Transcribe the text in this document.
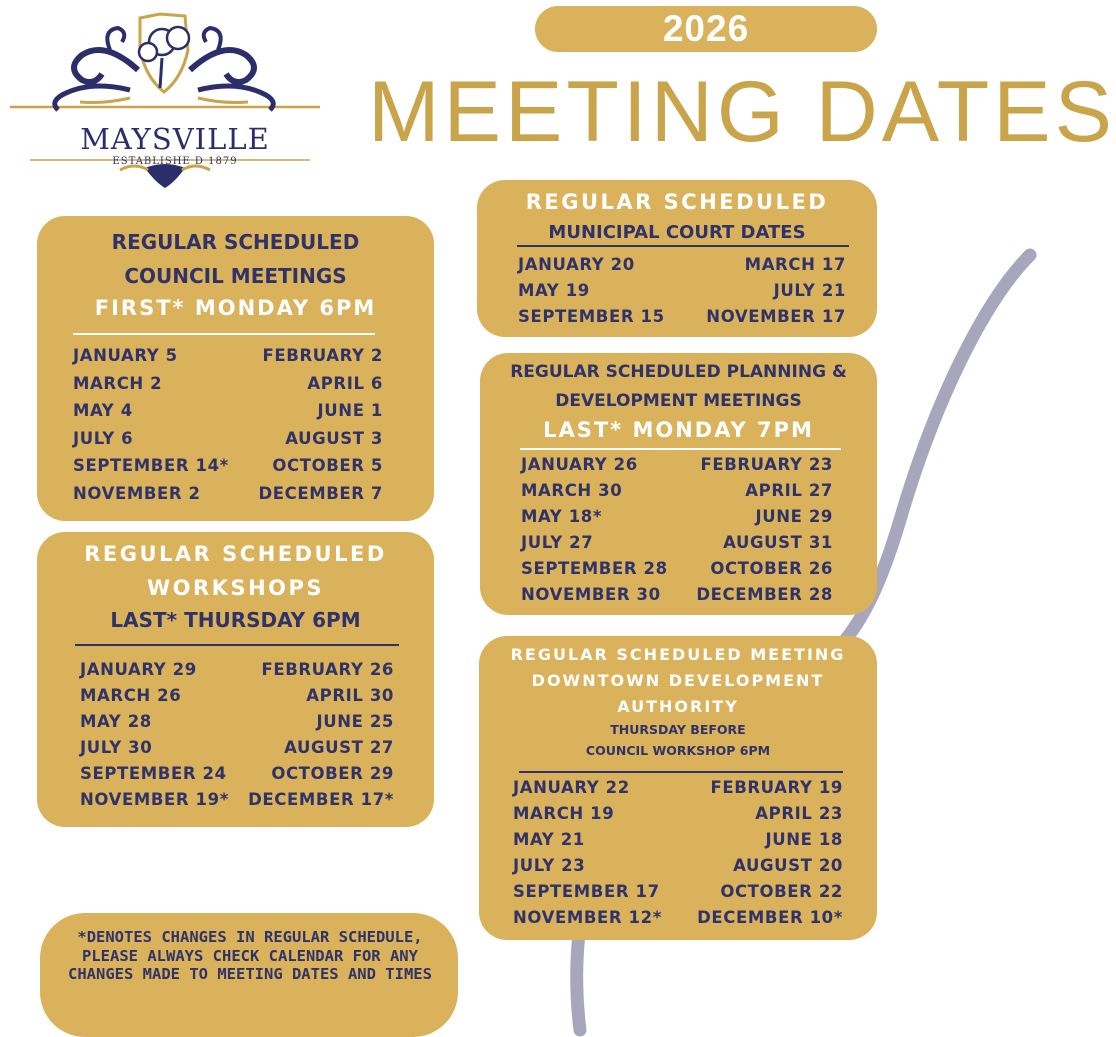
MAYSVILLE
ESTABLISHE D 1879
2026
MEETING DATES
REGULAR SCHEDULED
COUNCIL MEETINGS
FIRST* MONDAY 6PM
JANUARY 5	FEBRUARY 2
MARCH 2	APRIL 6
MAY 4	JUNE 1
JULY 6	AUGUST 3
SEPTEMBER 14*	OCTOBER 5
NOVEMBER 2	DECEMBER 7
REGULAR SCHEDULED
WORKSHOPS
LAST* THURSDAY 6PM
JANUARY 29	FEBRUARY 26
MARCH 26	APRIL 30
MAY 28	JUNE 25
JULY 30	AUGUST 27
SEPTEMBER 24	OCTOBER 29
NOVEMBER 19*	DECEMBER 17*
REGULAR SCHEDULED
MUNICIPAL COURT DATES
JANUARY 20	MARCH 17
MAY 19	JULY 21
SEPTEMBER 15	NOVEMBER 17
REGULAR SCHEDULED PLANNING &
DEVELOPMENT MEETINGS
LAST* MONDAY 7PM
JANUARY 26	FEBRUARY 23
MARCH 30	APRIL 27
MAY 18*	JUNE 29
JULY 27	AUGUST 31
SEPTEMBER 28	OCTOBER 26
NOVEMBER 30	DECEMBER 28
REGULAR SCHEDULED MEETING
DOWNTOWN DEVELOPMENT
AUTHORITY
THURSDAY BEFORE
COUNCIL WORKSHOP 6PM
JANUARY 22	FEBRUARY 19
MARCH 19	APRIL 23
MAY 21	JUNE 18
JULY 23	AUGUST 20
SEPTEMBER 17	OCTOBER 22
NOVEMBER 12*	DECEMBER 10*
*DENOTES CHANGES IN REGULAR SCHEDULE, PLEASE ALWAYS CHECK CALENDAR FOR ANY CHANGES MADE TO MEETING DATES AND TIMES
